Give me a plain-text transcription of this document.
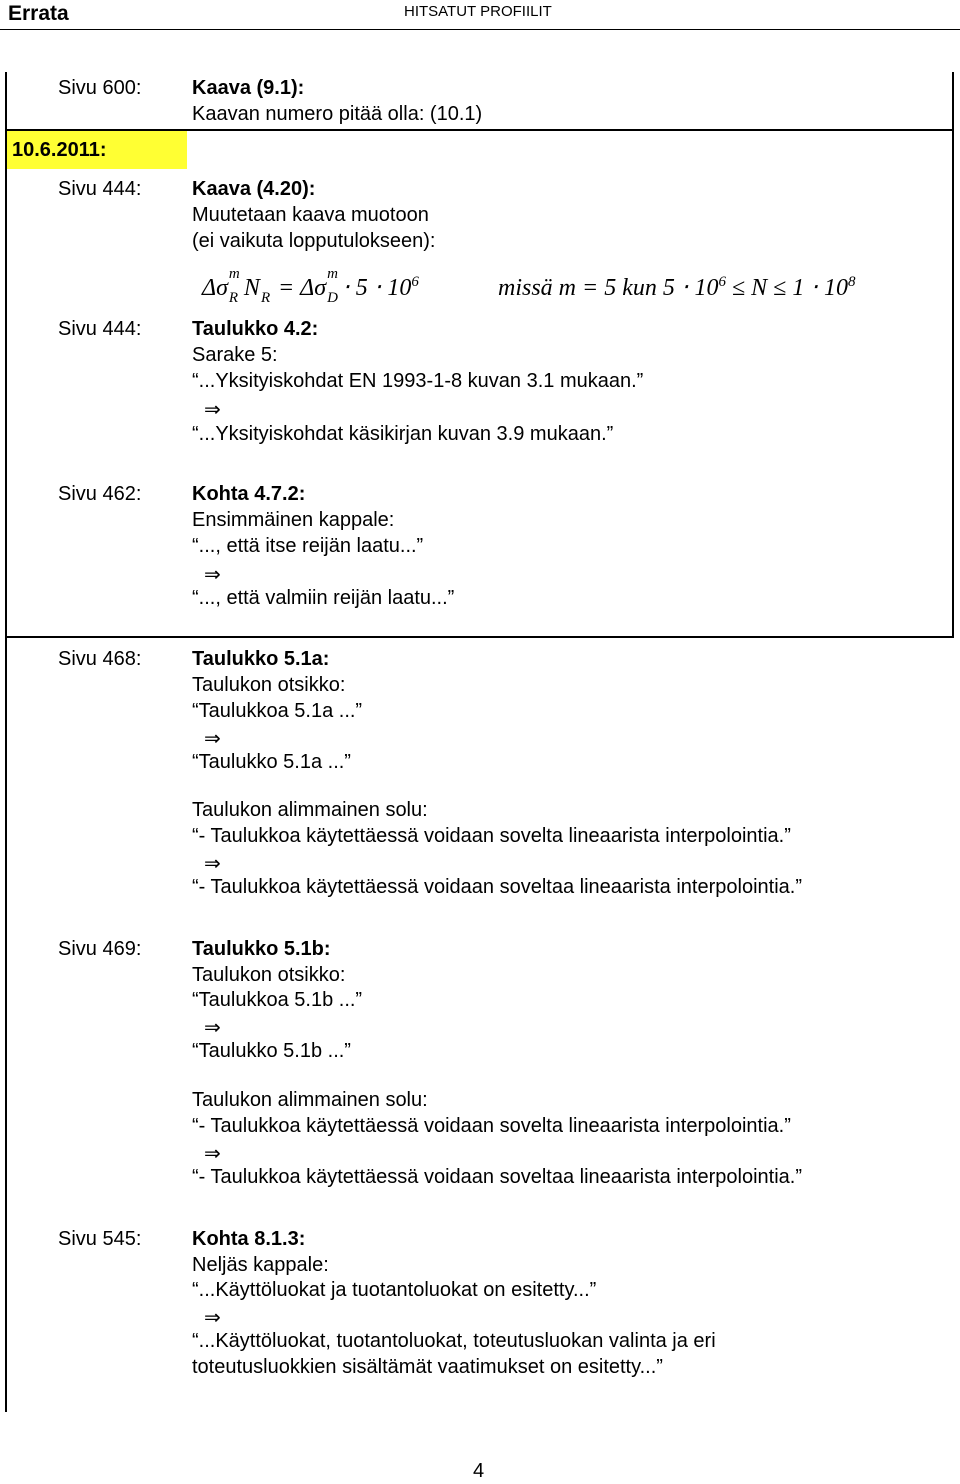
Errata	HITSATUT PROFIILIT
Sivu 600:	Kaava (9.1):
Kaavan numero pitää olla: (10.1)
10.6.2011:
Sivu 444:	Kaava (4.20):
Muutetaan kaava muotoon
(ei vaikuta lopputulokseen):
Δσ
m
R N R = Δσ
m
$D \cdot 5 \cdot 10^6$	missä m = 5 kun $5 \cdot 10^6 \le N \le 1 \cdot 10^8$
Sivu 444:	Taulukko 4.2:
Sarake 5:
“...Yksityiskohdat EN 1993-1-8 kuvan 3.1 mukaan.”
⇒
“...Yksityiskohdat käsikirjan kuvan 3.9 mukaan.”
Sivu 462:	Kohta 4.7.2:
Ensimmäinen kappale:
“..., että itse reijän laatu...”
⇒
“..., että valmiin reijän laatu...”
Sivu 468:	Taulukko 5.1a:
Taulukon otsikko:
“Taulukkoa 5.1a ...”
⇒
“Taulukko 5.1a ...”
Taulukon alimmainen solu:
“- Taulukkoa käytettäessä voidaan sovelta lineaarista interpolointia.”
⇒
“- Taulukkoa käytettäessä voidaan soveltaa lineaarista interpolointia.”
Sivu 469:	Taulukko 5.1b:
Taulukon otsikko:
“Taulukkoa 5.1b ...”
⇒
“Taulukko 5.1b ...”
Taulukon alimmainen solu:
“- Taulukkoa käytettäessä voidaan sovelta lineaarista interpolointia.”
⇒
“- Taulukkoa käytettäessä voidaan soveltaa lineaarista interpolointia.”
Sivu 545:	Kohta 8.1.3:
Neljäs kappale:
“...Käyttöluokat ja tuotantoluokat on esitetty...”
⇒
“...Käyttöluokat, tuotantoluokat, toteutusluokan valinta ja eri
toteutusluokkien sisältämät vaatimukset on esitetty...”
4
